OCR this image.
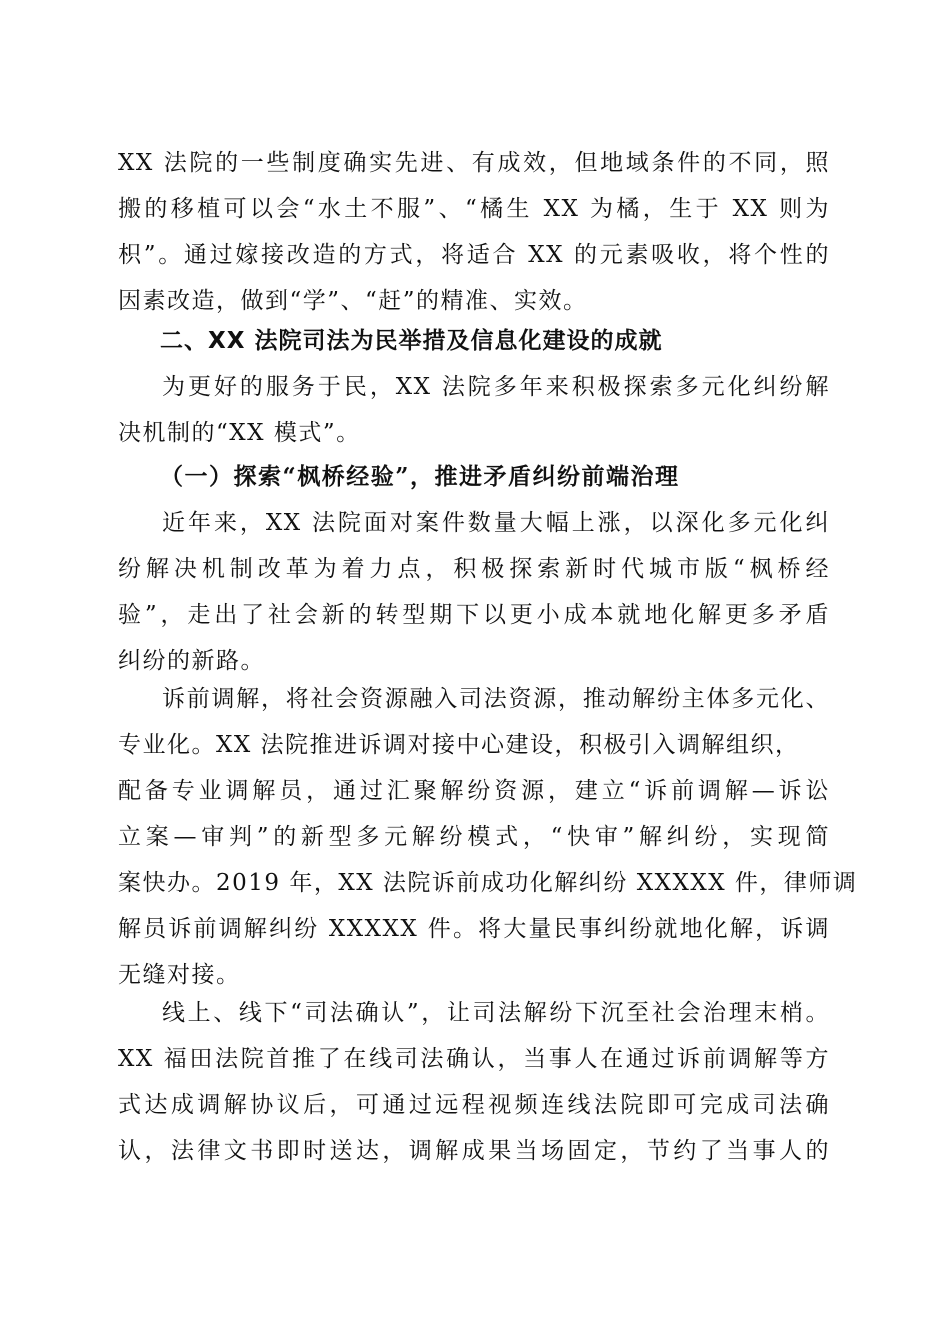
XX 法院的一些制度确实先进、有成效，但地域条件的不同，照
搬的移植可以会“水土不服”、“橘生 XX 为橘，生于 XX 则为
枳”。通过嫁接改造的方式，将适合 XX 的元素吸收，将个性的
因素改造，做到“学”、“赶”的精准、实效。
二、XX 法院司法为民举措及信息化建设的成就
为更好的服务于民，XX 法院多年来积极探索多元化纠纷解
决机制的“XX 模式”。
（一）探索“枫桥经验”，推进矛盾纠纷前端治理
近年来，XX 法院面对案件数量大幅上涨，以深化多元化纠
纷解决机制改革为着力点，积极探索新时代城市版“枫桥经
验”，走出了社会新的转型期下以更小成本就地化解更多矛盾
纠纷的新路。
诉前调解，将社会资源融入司法资源，推动解纷主体多元化、
专业化。XX 法院推进诉调对接中心建设，积极引入调解组织，
配备专业调解员，通过汇聚解纷资源，建立“诉前调解—诉讼
立案—审判”的新型多元解纷模式，“快审”解纠纷，实现简
案快办。2019 年，XX 法院诉前成功化解纠纷 XXXXX 件，律师调
解员诉前调解纠纷 XXXXX 件。将大量民事纠纷就地化解，诉调
无缝对接。
线上、线下“司法确认”，让司法解纷下沉至社会治理末梢。
XX 福田法院首推了在线司法确认，当事人在通过诉前调解等方
式达成调解协议后，可通过远程视频连线法院即可完成司法确
认，法律文书即时送达，调解成果当场固定，节约了当事人的
